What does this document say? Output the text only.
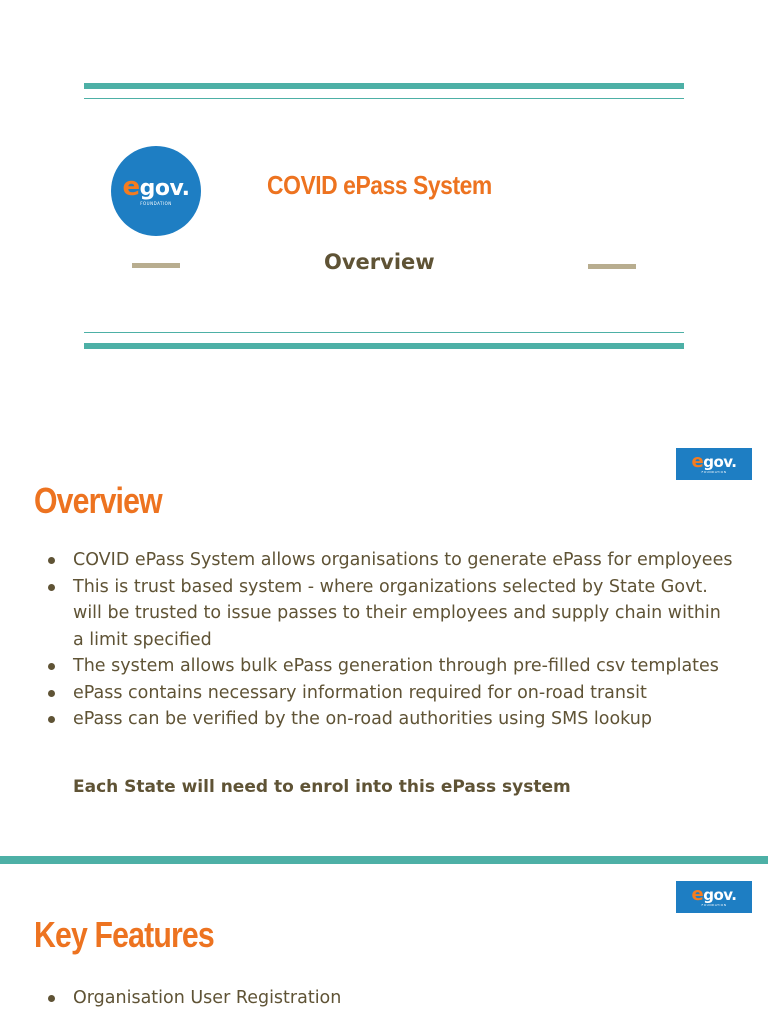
egov.
FOUNDATION
COVID ePass System
Overview
egov.
FOUNDATION
Overview
COVID ePass System allows organisations to generate ePass for employees
This is trust based system - where organizations selected by State Govt. will be trusted to issue passes to their employees and supply chain within a limit specified
The system allows bulk ePass generation through pre-filled csv templates
ePass contains necessary information required for on-road transit
ePass can be verified by the on-road authorities using SMS lookup
Each State will need to enrol into this ePass system
egov.
FOUNDATION
Key Features
Organisation User Registration
